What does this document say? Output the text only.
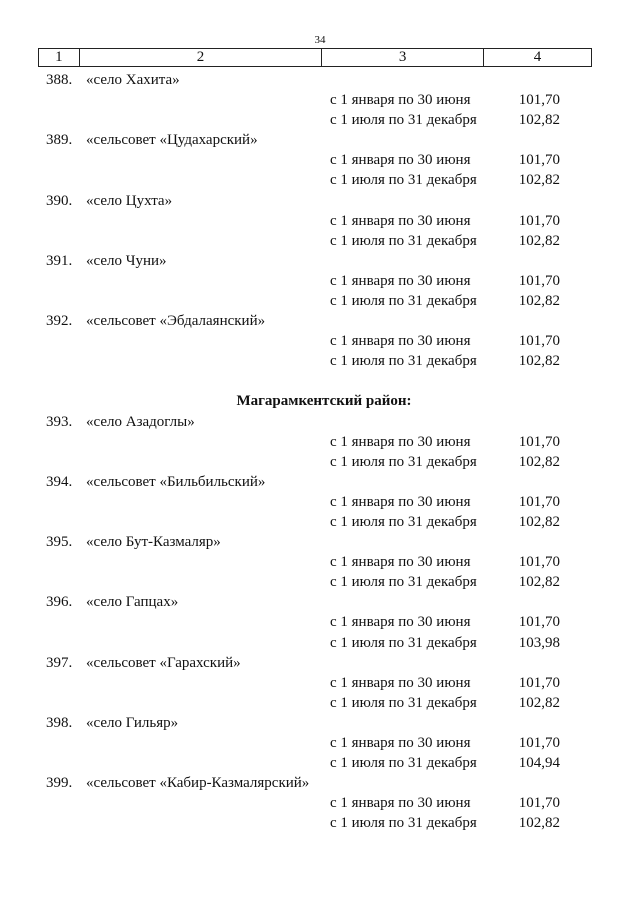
34
1	2	3	4
388. «село Хахита»
с 1 января по 30 июня	101,70
с 1 июля по 31 декабря	102,82
389. «сельсовет «Цудахарский»
с 1 января по 30 июня	101,70
с 1 июля по 31 декабря	102,82
390. «село Цухта»
с 1 января по 30 июня	101,70
с 1 июля по 31 декабря	102,82
391. «село Чуни»
с 1 января по 30 июня	101,70
с 1 июля по 31 декабря	102,82
392. «сельсовет «Эбдалаянский»
с 1 января по 30 июня	101,70
с 1 июля по 31 декабря	102,82
Магарамкентский район:
393. «село Азадоглы»
с 1 января по 30 июня	101,70
с 1 июля по 31 декабря	102,82
394. «сельсовет «Бильбильский»
с 1 января по 30 июня	101,70
с 1 июля по 31 декабря	102,82
395. «село Бут-Казмаляр»
с 1 января по 30 июня	101,70
с 1 июля по 31 декабря	102,82
396. «село Гапцах»
с 1 января по 30 июня	101,70
с 1 июля по 31 декабря	103,98
397. «сельсовет «Гарахский»
с 1 января по 30 июня	101,70
с 1 июля по 31 декабря	102,82
398. «село Гильяр»
с 1 января по 30 июня	101,70
с 1 июля по 31 декабря	104,94
399. «сельсовет «Кабир-Казмалярский»
с 1 января по 30 июня	101,70
с 1 июля по 31 декабря	102,82
